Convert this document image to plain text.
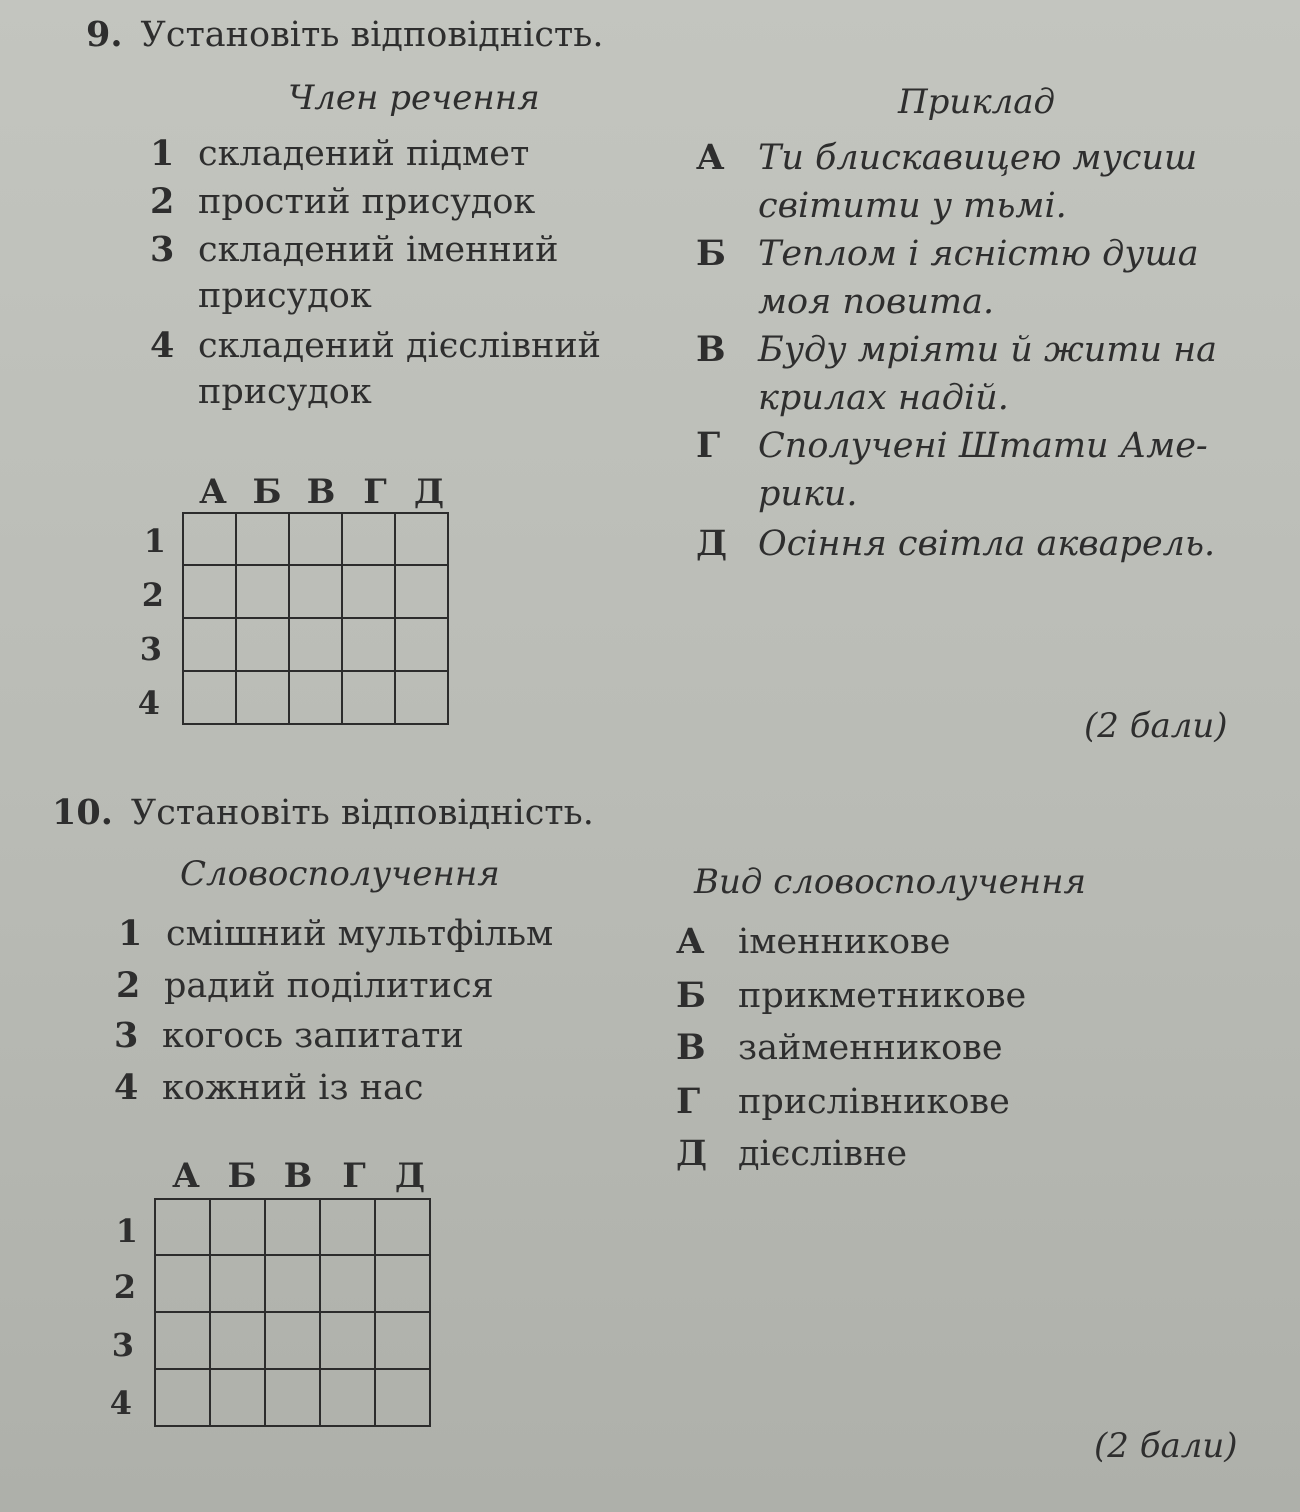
9. Установіть відповідність.
Член речення	Приклад
1 складений підмет
2 простий присудок
3 складений іменний
присудок
4 складений дієслівний
присудок
А Ти блискавицею мусиш
світити у тьмі.
Б Теплом і ясністю душа
моя повита.
В Буду мріяти й жити на
крилах надій.
Г Сполучені Штати Аме-
рики.
Д Осіння світла акварель.
А Б В Г Д
1
2
3
4

(2 бали)
10. Установіть відповідність.
Словосполучення	Вид словосполучення
1 смішний мультфільм
2 радий поділитися
3 когось запитати
4 кожний із нас
А іменникове
Б прикметникове
В займенникове
Г прислівникове
Д дієслівне
А Б В Г Д
1
2
3
4

(2 бали)
